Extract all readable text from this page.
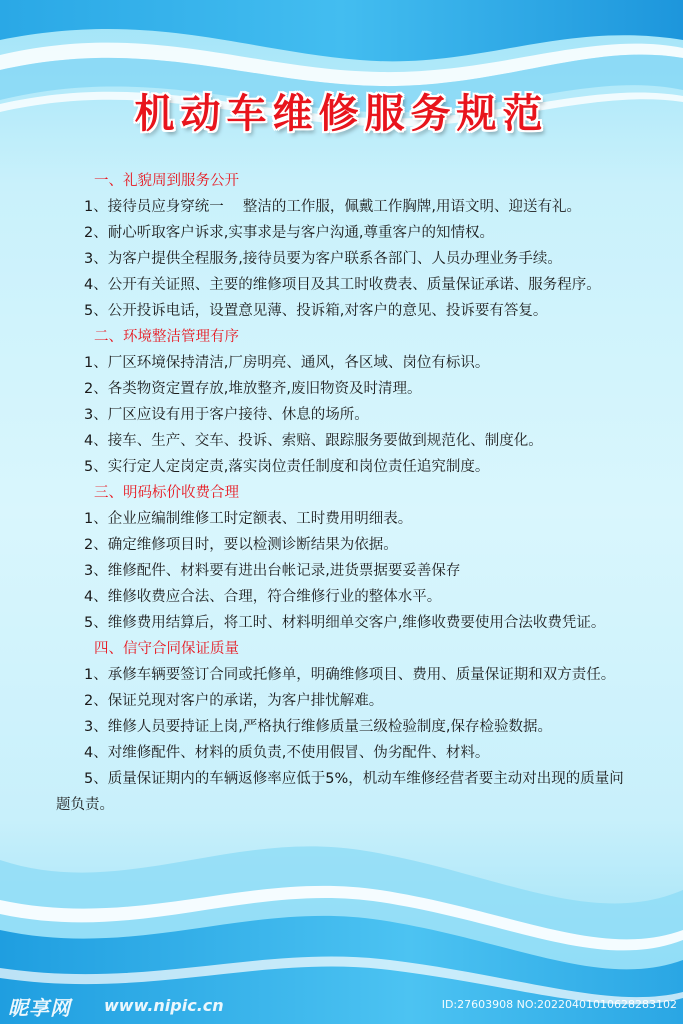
机动车维修服务规范
一、礼貌周到服务公开

1、接待员应身穿统一　 整洁的工作服，佩戴工作胸牌,用语文明、迎送有礼。

2、耐心听取客户诉求,实事求是与客户沟通,尊重客户的知情权。

3、为客户提供全程服务,接待员要为客户联系各部门、人员办理业务手续。

4、公开有关证照、主要的维修项目及其工时收费表、质量保证承诺、服务程序。

5、公开投诉电话，设置意见薄、投诉箱,对客户的意见、投诉要有答复。

二、环境整洁管理有序

1、厂区环境保持清洁,厂房明亮、通风，各区域、岗位有标识。

2、各类物资定置存放,堆放整齐,废旧物资及时清理。

3、厂区应设有用于客户接待、休息的场所。

4、接车、生产、交车、投诉、索赔、跟踪服务要做到规范化、制度化。

5、实行定人定岗定责,落实岗位责任制度和岗位责任追究制度。

三、明码标价收费合理

1、企业应编制维修工时定额表、工时费用明细表。

2、确定维修项目时，要以检测诊断结果为依据。

3、维修配件、材料要有进出台帐记录,进货票据要妥善保存

4、维修收费应合法、合理，符合维修行业的整体水平。

5、维修费用结算后，将工时、材料明细单交客户,维修收费要使用合法收费凭证。

四、信守合同保证质量

1、承修车辆要签订合同或托修单，明确维修项目、费用、质量保证期和双方责任。

2、保证兑现对客户的承诺，为客户排忧解难。

3、维修人员要持证上岗,严格执行维修质量三级检验制度,保存检验数据。

4、对维修配件、材料的质负责,不使用假冒、伪劣配件、材料。

5、质量保证期内的车辆返修率应低于5%，机动车维修经营者要主动对出现的质量问题负责。

昵享网 www.nipic.cn	ID:27603908 NO:20220401010628283102
